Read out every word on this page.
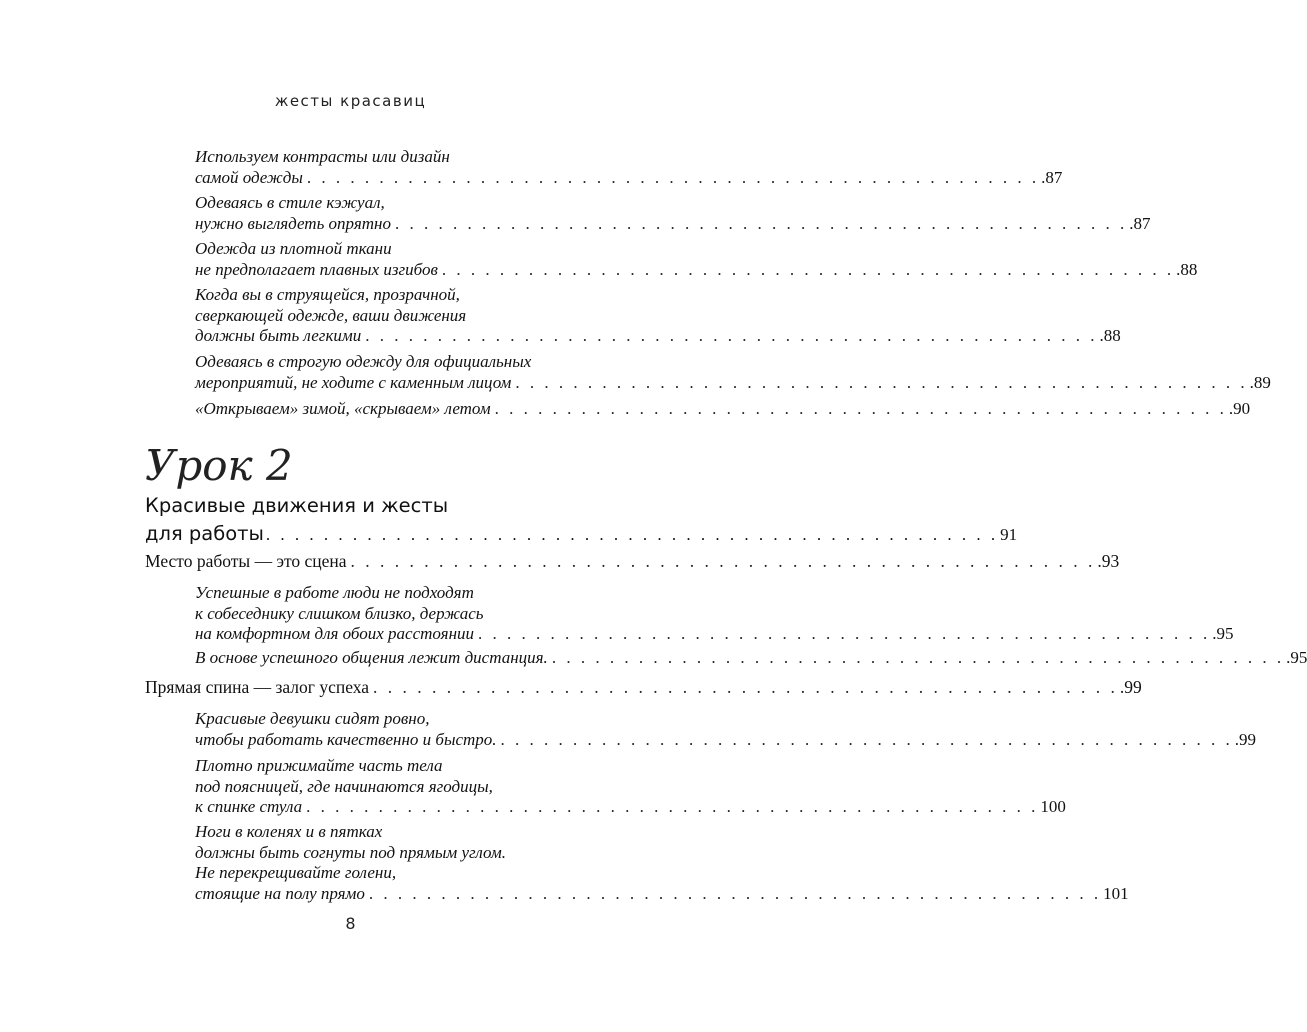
жесты красавиц
Используем контрасты или дизайн
самой одежды . . . . . . . . . . . . . . . . . . . . . . . . . . . . . . . . . . . . . . . . . . . . . . . . . . . .87
Одеваясь в стиле кэжуал,
нужно выглядеть опрятно . . . . . . . . . . . . . . . . . . . . . . . . . . . . . . . . . . . . . . . . . . . . . . . . . . . .87
Одежда из плотной ткани
не предполагает плавных изгибов . . . . . . . . . . . . . . . . . . . . . . . . . . . . . . . . . . . . . . . . . . . . . . . . . . . .88
Когда вы в струящейся, прозрачной,
сверкающей одежде, ваши движения
должны быть легкими . . . . . . . . . . . . . . . . . . . . . . . . . . . . . . . . . . . . . . . . . . . . . . . . . . . .88
Одеваясь в строгую одежду для официальных
мероприятий, не ходите с каменным лицом . . . . . . . . . . . . . . . . . . . . . . . . . . . . . . . . . . . . . . . . . . . . . . . . . . . .89
«Открываем» зимой, «скрываем» летом . . . . . . . . . . . . . . . . . . . . . . . . . . . . . . . . . . . . . . . . . . . . . . . . . . . .90
Урок 2
Красивые движения и жесты
для работы . . . . . . . . . . . . . . . . . . . . . . . . . . . . . . . . . . . . . . . . . . . . . . . . . . . 91
Место работы — это сцена . . . . . . . . . . . . . . . . . . . . . . . . . . . . . . . . . . . . . . . . . . . . . . . . . . . .93
Успешные в работе люди не подходят
к собеседнику слишком близко, держась
на комфортном для обоих расстоянии . . . . . . . . . . . . . . . . . . . . . . . . . . . . . . . . . . . . . . . . . . . . . . . . . . . .95
В основе успешного общения лежит дистанция. . . . . . . . . . . . . . . . . . . . . . . . . . . . . . . . . . . . . . . . . . . . . . . . . . . . .95
Прямая спина — залог успеха . . . . . . . . . . . . . . . . . . . . . . . . . . . . . . . . . . . . . . . . . . . . . . . . . . . .99
Красивые девушки сидят ровно,
чтобы работать качественно и быстро. . . . . . . . . . . . . . . . . . . . . . . . . . . . . . . . . . . . . . . . . . . . . . . . . . . . .99
Плотно прижимайте часть тела
под поясницей, где начинаются ягодицы,
к спинке стула . . . . . . . . . . . . . . . . . . . . . . . . . . . . . . . . . . . . . . . . . . . . . . . . . . . 100
Ноги в коленях и в пятках
должны быть согнуты под прямым углом.
Не перекрещивайте голени,
стоящие на полу прямо . . . . . . . . . . . . . . . . . . . . . . . . . . . . . . . . . . . . . . . . . . . . . . . . . . . 101
8
